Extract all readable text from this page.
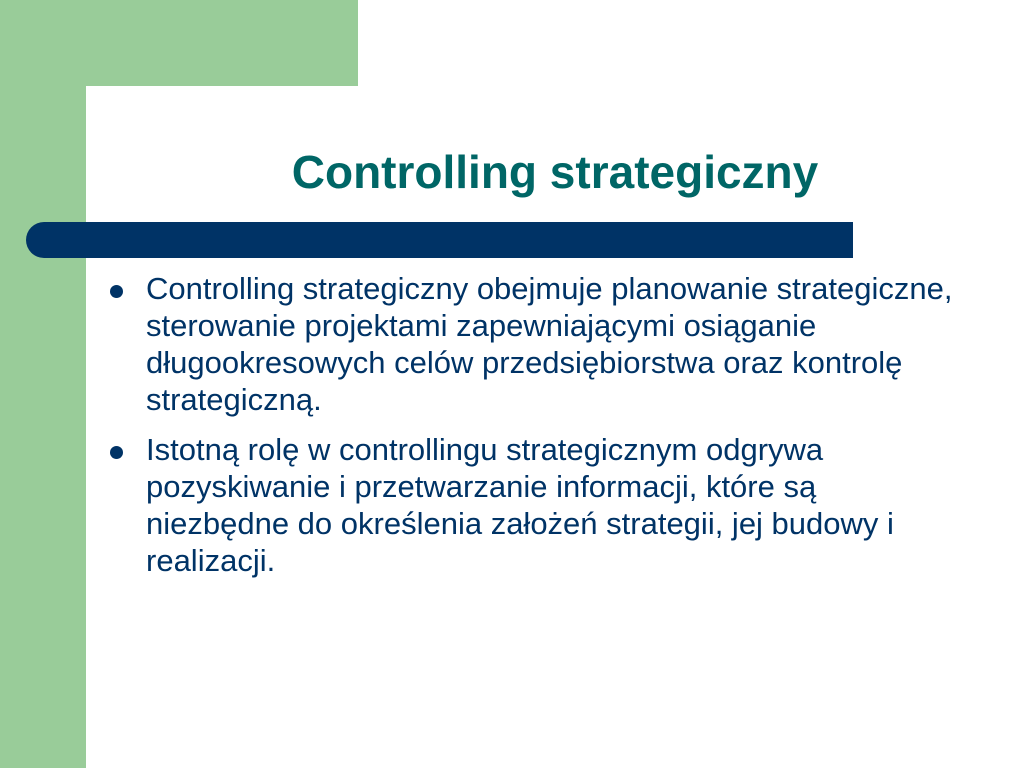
Controlling strategiczny
Controlling strategiczny obejmuje planowanie strategiczne, sterowanie projektami zapewniającymi osiąganie długookresowych celów przedsiębiorstwa oraz kontrolę strategiczną.
Istotną rolę w controllingu strategicznym odgrywa pozyskiwanie i przetwarzanie informacji, które są niezbędne do określenia założeń strategii, jej budowy i realizacji.
